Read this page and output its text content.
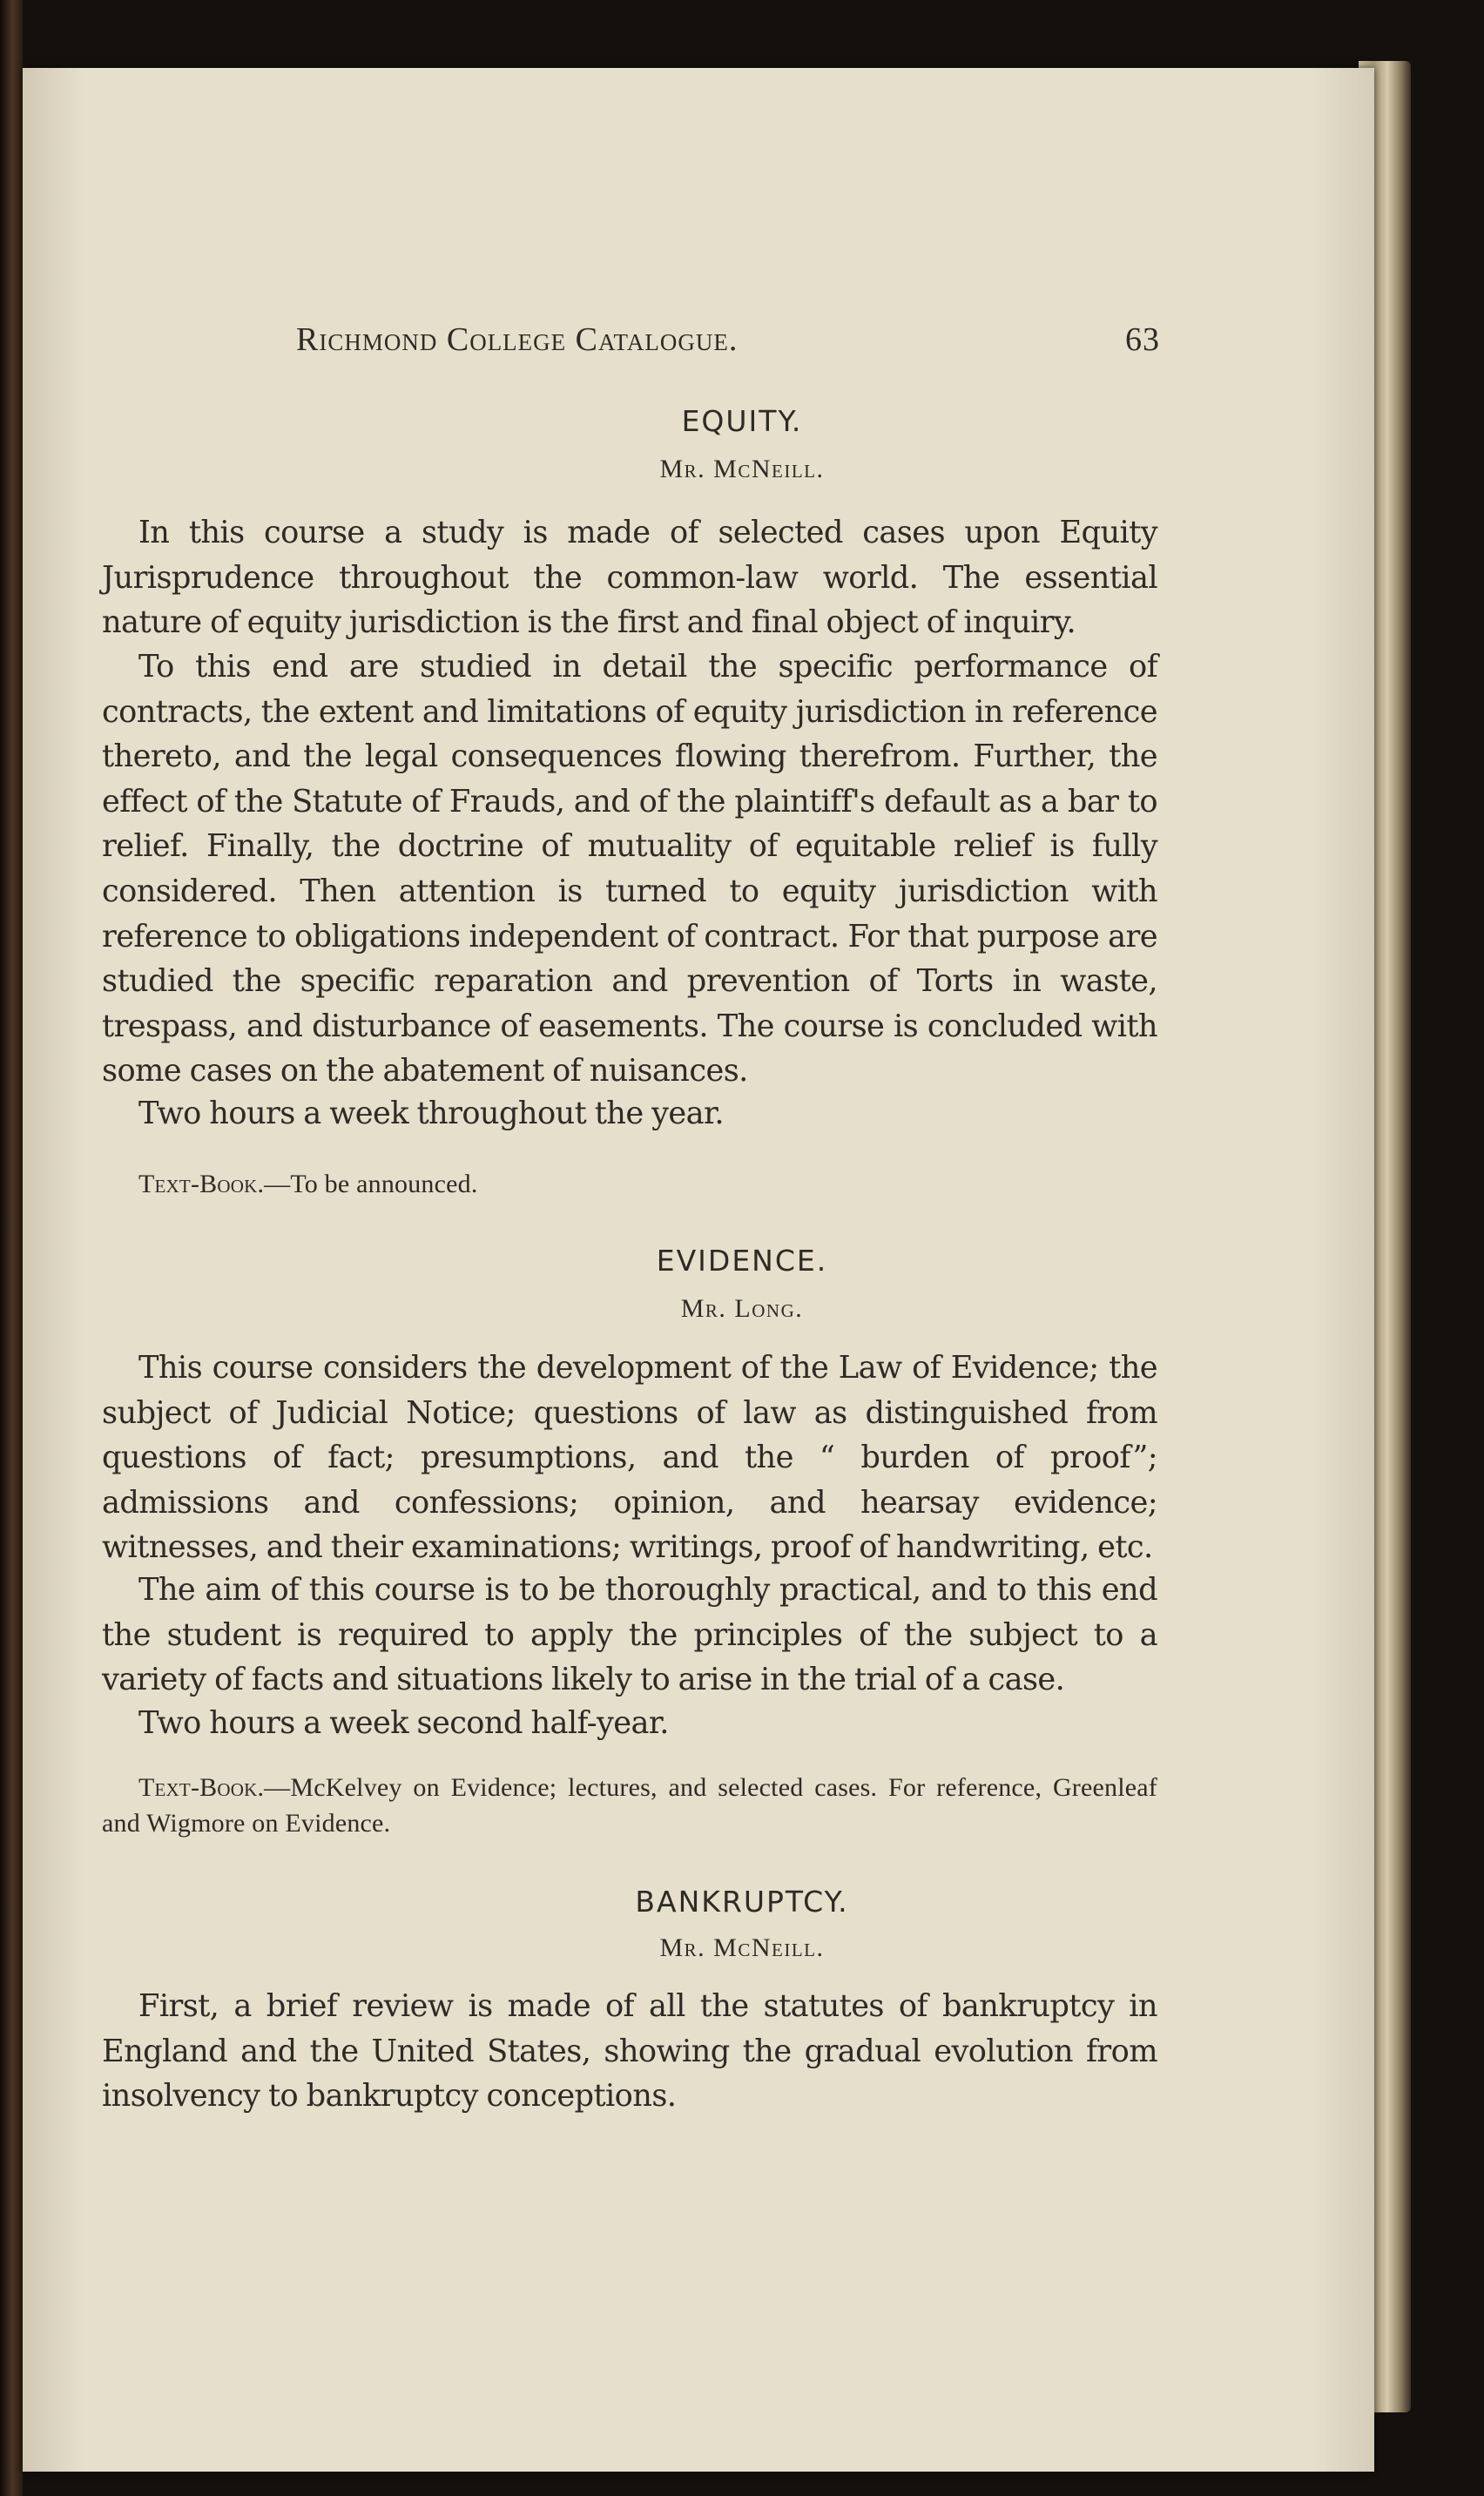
Richmond College Catalogue.	63
EQUITY.
Mr. McNeill.
In this course a study is made of selected cases upon Equity Jurisprudence throughout the common-law world. The essential nature of equity jurisdiction is the first and final object of inquiry.
To this end are studied in detail the specific performance of contracts, the extent and limitations of equity jurisdiction in reference thereto, and the legal consequences flowing therefrom. Further, the effect of the Statute of Frauds, and of the plaintiff's default as a bar to relief. Finally, the doctrine of mutuality of equitable relief is fully considered. Then attention is turned to equity jurisdiction with reference to obligations independent of contract. For that purpose are studied the specific reparation and prevention of Torts in waste, trespass, and disturbance of easements. The course is concluded with some cases on the abatement of nuisances.
Two hours a week throughout the year.
Text-Book.—To be announced.
EVIDENCE.
Mr. Long.
This course considers the development of the Law of Evidence; the subject of Judicial Notice; questions of law as distinguished from questions of fact; presumptions, and the “ burden of proof”; admissions and confessions; opinion, and hearsay evidence; witnesses, and their examinations; writings, proof of handwriting, etc.
The aim of this course is to be thoroughly practical, and to this end the student is required to apply the principles of the subject to a variety of facts and situations likely to arise in the trial of a case.
Two hours a week second half-year.
Text-Book.—McKelvey on Evidence; lectures, and selected cases. For reference, Greenleaf and Wigmore on Evidence.
BANKRUPTCY.
Mr. McNeill.
First, a brief review is made of all the statutes of bankruptcy in England and the United States, showing the gradual evolution from insolvency to bankruptcy conceptions.
